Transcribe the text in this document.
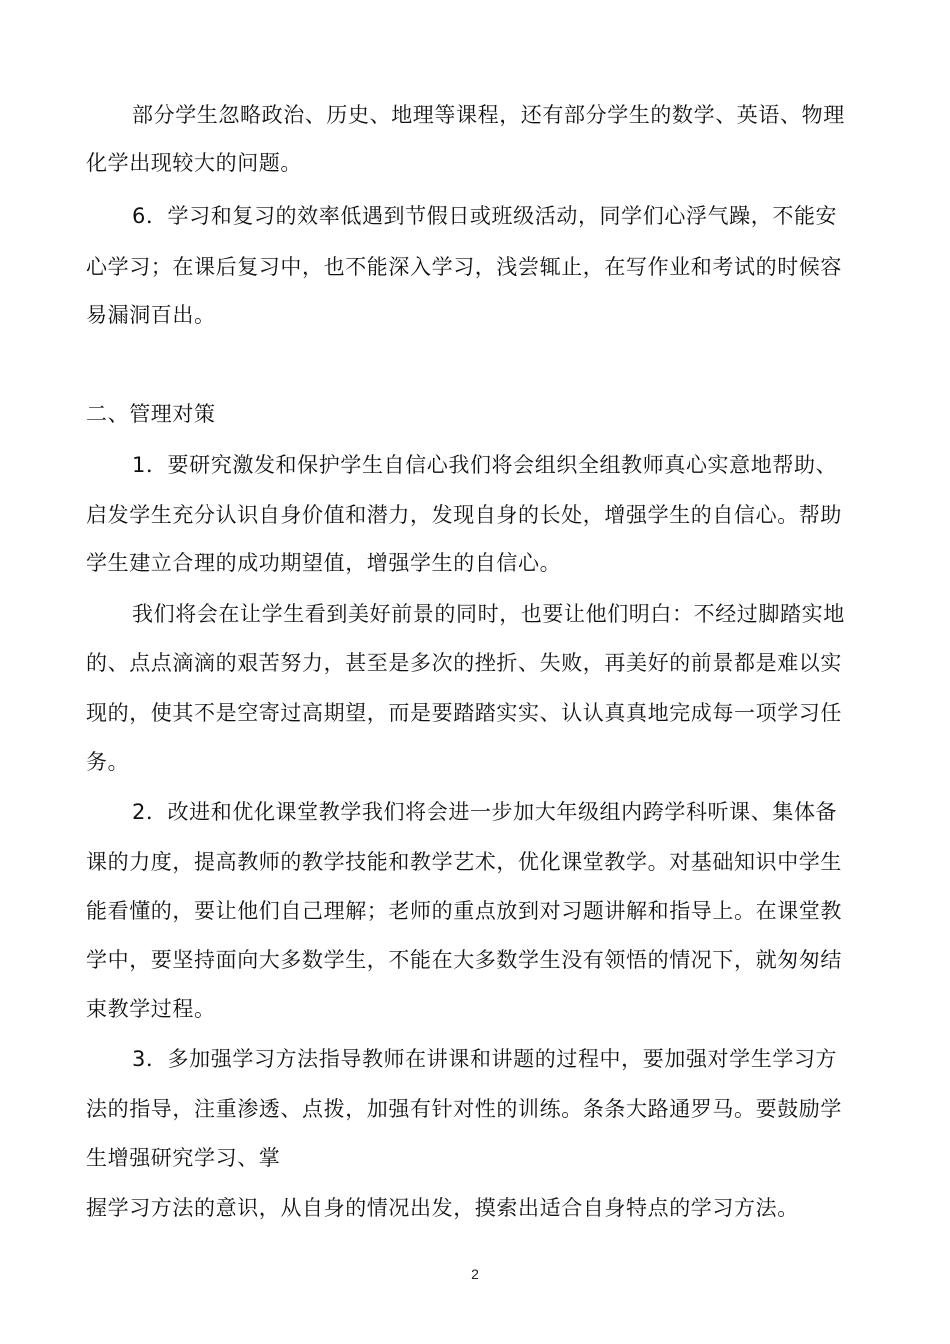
部分学生忽略政治、历史、地理等课程，还有部分学生的数学、英语、物理
化学出现较大的问题。
6．学习和复习的效率低遇到节假日或班级活动，同学们心浮气躁，不能安
心学习；在课后复习中，也不能深入学习，浅尝辄止，在写作业和考试的时候容
易漏洞百出。
二、管理对策
1．要研究激发和保护学生自信心我们将会组织全组教师真心实意地帮助、
启发学生充分认识自身价值和潜力，发现自身的长处，增强学生的自信心。帮助
学生建立合理的成功期望值，增强学生的自信心。
我们将会在让学生看到美好前景的同时，也要让他们明白：不经过脚踏实地
的、点点滴滴的艰苦努力，甚至是多次的挫折、失败，再美好的前景都是难以实
现的，使其不是空寄过高期望，而是要踏踏实实、认认真真地完成每一项学习任
务。
2．改进和优化课堂教学我们将会进一步加大年级组内跨学科听课、集体备
课的力度，提高教师的教学技能和教学艺术，优化课堂教学。对基础知识中学生
能看懂的，要让他们自己理解；老师的重点放到对习题讲解和指导上。在课堂教
学中，要坚持面向大多数学生，不能在大多数学生没有领悟的情况下，就匆匆结
束教学过程。
3．多加强学习方法指导教师在讲课和讲题的过程中，要加强对学生学习方
法的指导，注重渗透、点拨，加强有针对性的训练。条条大路通罗马。要鼓励学
生增强研究学习、掌
握学习方法的意识，从自身的情况出发，摸索出适合自身特点的学习方法。
2
